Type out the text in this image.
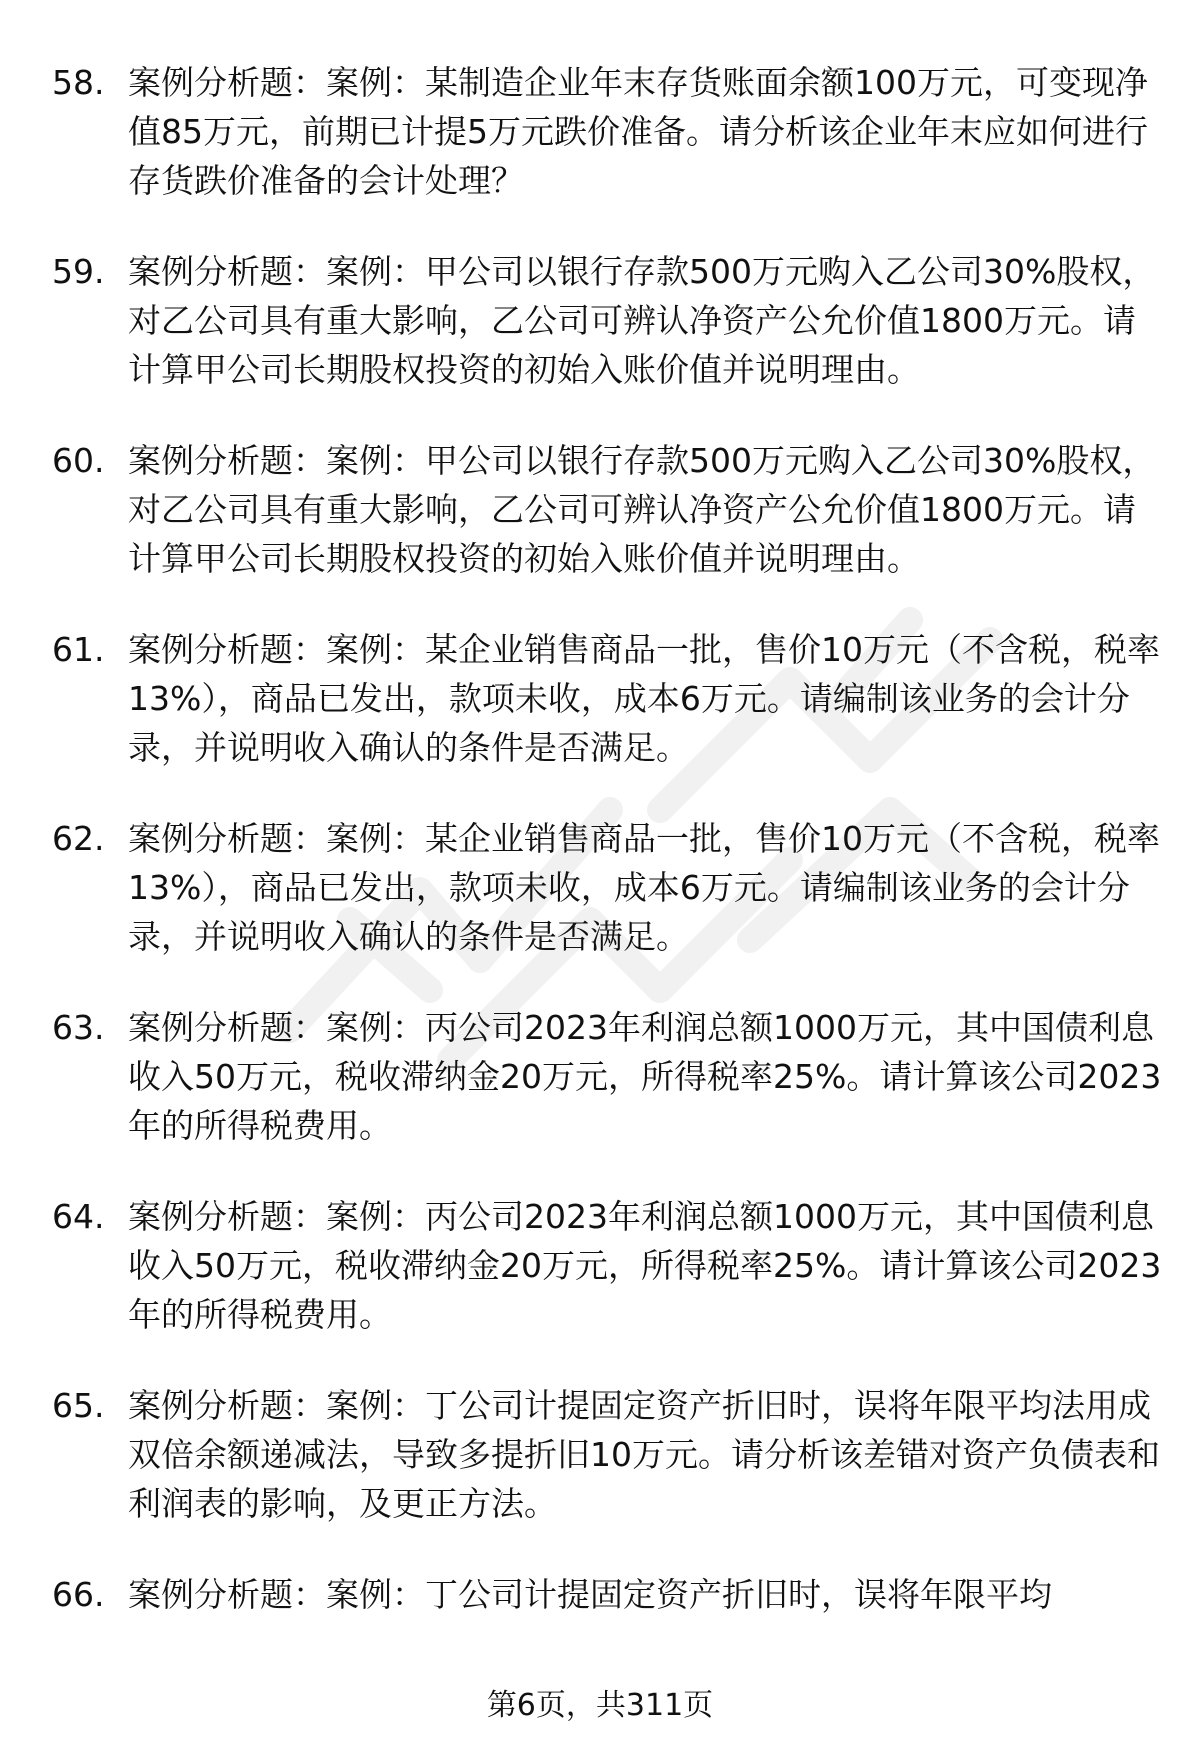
58. 案例分析题：案例：某制造企业年末存货账面余额100万元，可变现净值85万元，前期已计提5万元跌价准备。请分析该企业年末应如何进行存货跌价准备的会计处理？
59. 案例分析题：案例：甲公司以银行存款500万元购入乙公司30%股权，对乙公司具有重大影响，乙公司可辨认净资产公允价值1800万元。请计算甲公司长期股权投资的初始入账价值并说明理由。
60. 案例分析题：案例：甲公司以银行存款500万元购入乙公司30%股权，对乙公司具有重大影响，乙公司可辨认净资产公允价值1800万元。请计算甲公司长期股权投资的初始入账价值并说明理由。
61. 案例分析题：案例：某企业销售商品一批，售价10万元（不含税，税率13%），商品已发出，款项未收，成本6万元。请编制该业务的会计分录，并说明收入确认的条件是否满足。
62. 案例分析题：案例：某企业销售商品一批，售价10万元（不含税，税率13%），商品已发出，款项未收，成本6万元。请编制该业务的会计分录，并说明收入确认的条件是否满足。
63. 案例分析题：案例：丙公司2023年利润总额1000万元，其中国债利息收入50万元，税收滞纳金20万元，所得税率25%。请计算该公司2023年的所得税费用。
64. 案例分析题：案例：丙公司2023年利润总额1000万元，其中国债利息收入50万元，税收滞纳金20万元，所得税率25%。请计算该公司2023年的所得税费用。
65. 案例分析题：案例：丁公司计提固定资产折旧时，误将年限平均法用成双倍余额递减法，导致多提折旧10万元。请分析该差错对资产负债表和利润表的影响，及更正方法。
66. 案例分析题：案例：丁公司计提固定资产折旧时，误将年限平均
第6页，共311页
